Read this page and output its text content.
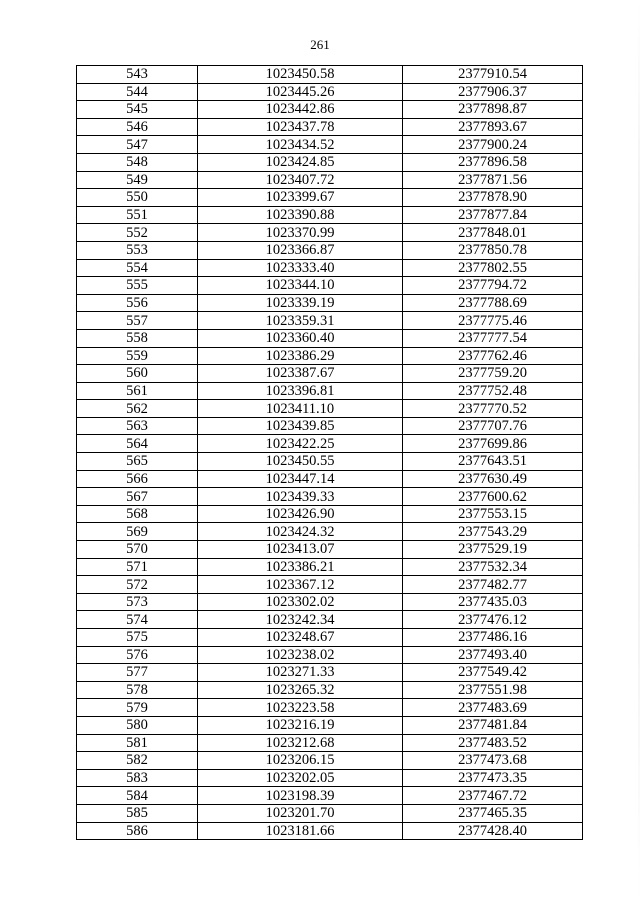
261
543	1023450.58	2377910.54
544	1023445.26	2377906.37
545	1023442.86	2377898.87
546	1023437.78	2377893.67
547	1023434.52	2377900.24
548	1023424.85	2377896.58
549	1023407.72	2377871.56
550	1023399.67	2377878.90
551	1023390.88	2377877.84
552	1023370.99	2377848.01
553	1023366.87	2377850.78
554	1023333.40	2377802.55
555	1023344.10	2377794.72
556	1023339.19	2377788.69
557	1023359.31	2377775.46
558	1023360.40	2377777.54
559	1023386.29	2377762.46
560	1023387.67	2377759.20
561	1023396.81	2377752.48
562	1023411.10	2377770.52
563	1023439.85	2377707.76
564	1023422.25	2377699.86
565	1023450.55	2377643.51
566	1023447.14	2377630.49
567	1023439.33	2377600.62
568	1023426.90	2377553.15
569	1023424.32	2377543.29
570	1023413.07	2377529.19
571	1023386.21	2377532.34
572	1023367.12	2377482.77
573	1023302.02	2377435.03
574	1023242.34	2377476.12
575	1023248.67	2377486.16
576	1023238.02	2377493.40
577	1023271.33	2377549.42
578	1023265.32	2377551.98
579	1023223.58	2377483.69
580	1023216.19	2377481.84
581	1023212.68	2377483.52
582	1023206.15	2377473.68
583	1023202.05	2377473.35
584	1023198.39	2377467.72
585	1023201.70	2377465.35
586	1023181.66	2377428.40
